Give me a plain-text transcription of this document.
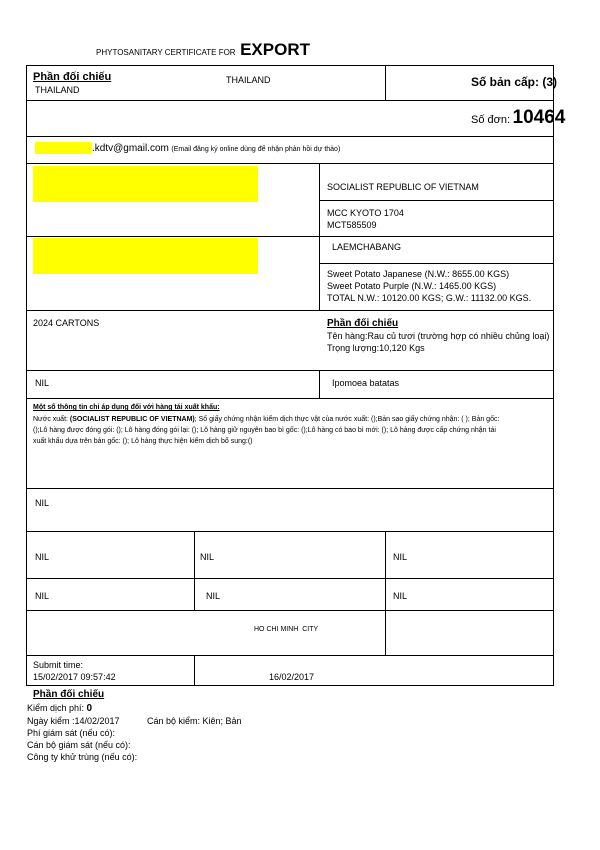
PHYTOSANITARY CERTIFICATE FOR EXPORT
Phần đối chiếu
THAILAND
THAILAND	Số bản cấp: (3)
Số đơn: 10464
.kdtv@gmail.com (Email đăng ký online dùng để nhận phản hồi dự thảo)
SOCIALIST REPUBLIC OF VIETNAM
MCC KYOTO 1704
MCT585509
LAEMCHABANG
Sweet Potato Japanese (N.W.: 8655.00 KGS)
Sweet Potato Purple (N.W.: 1465.00 KGS)
TOTAL N.W.: 10120.00 KGS; G.W.: 11132.00 KGS.
2024 CARTONS	Phần đối chiếu
Tên hàng:Rau củ tươi (trường hợp có nhiều chủng loại)
Trọng lượng:10,120 Kgs
NIL	Ipomoea batatas
Một số thông tin chỉ áp dụng đối với hàng tái xuất khẩu:
Nước xuất: (SOCIALIST REPUBLIC OF VIETNAM); Số giấy chứng nhận kiểm dịch thực vật của nước xuất: ();Bản sao giấy chứng nhận: ( ); Bản gốc:
();Lô hàng được đóng gói: (); Lô hàng đóng gói lại: (); Lô hàng giữ nguyên bao bì gốc: ();Lô hàng có bao bì mới: (); Lô hàng được cấp chứng nhận tái
xuất khẩu dựa trên bản gốc: (); Lô hàng thực hiện kiểm dịch bổ sung:()
NIL
NIL	NIL	NIL
NIL	NIL	NIL
HO CHI MINH  CITY
Submit time:
15/02/2017 09:57:42	16/02/2017
Phần đối chiếu
Kiểm dịch phí: 0
Ngày kiểm :14/02/2017	Cán bộ kiểm: Kiên; Bản
Phí giám sát (nếu có):
Cán bộ giám sát (nếu có):
Công ty khử trùng (nếu có):
